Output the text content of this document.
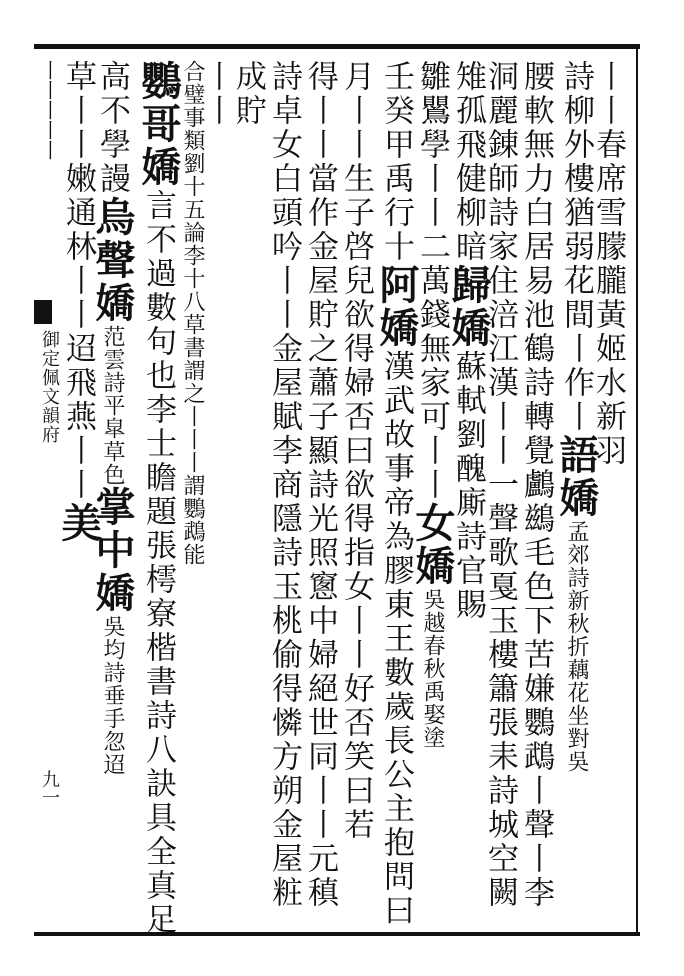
丨丨春席雪朦朧黃姬水新羽
詩柳外樓猶弱花間丨作丨語嬌孟郊詩新秋折藕花坐對吳
腰軟無力白居易池鶴詩轉覺鸕鷀毛色下苦嫌鸚鵡丨聲丨李
洞麗錬師詩家住涪江漢丨丨一聲歌戛玉樓簫張耒詩城空闕
雉孤飛健柳暗歸嬌蘇軾劉醜廝詩官賜
雛鸎學丨丨二萬錢無家可丨丨女嬌吳越春秋禹娶塗
壬癸甲禹行十阿嬌漢武故事帝為膠東王數歲長公主抱問曰
月丨丨生子啓兒欲得婦否曰欲得指女丨丨好否笑曰若
得丨丨當作金屋貯之蕭子顯詩光照窻中婦絕世同丨丨元稹
詩卓女白頭吟丨丨金屋賦李商隱詩玉桃偷得憐方朔金屋粧
成貯
丨丨
鸚哥嬌言不過數句也李士瞻題張樗寮楷書詩八訣具全真足 合璧事類劉十五論李十八草書謂之丨丨丨謂鸚鵡能
高不學謾烏聲嬌范雲詩平皐草色掌中嬌吳均詩垂手忽迢
草丨丨嫩通林丨丨迢飛燕丨丨美
丨丨丨丨丨
御定佩文韻府
九一
